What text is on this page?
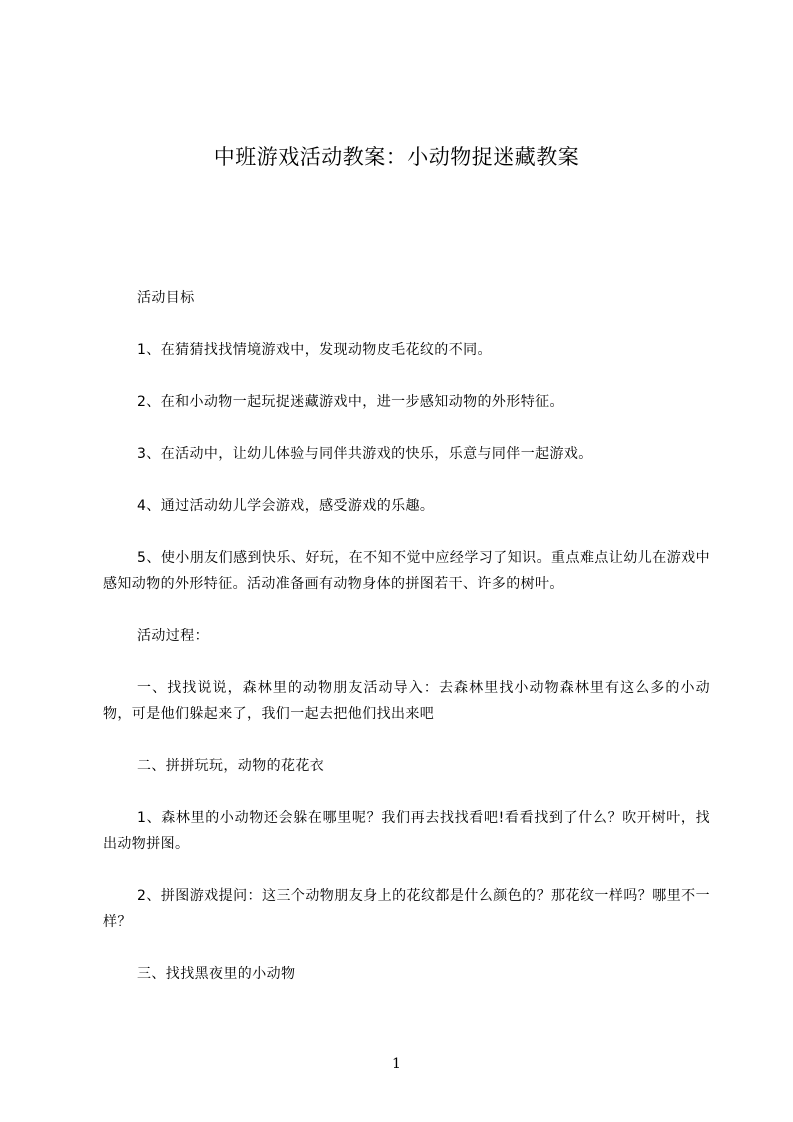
中班游戏活动教案：小动物捉迷藏教案

活动目标

1、在猜猜找找情境游戏中，发现动物皮毛花纹的不同。

2、在和小动物一起玩捉迷藏游戏中，进一步感知动物的外形特征。

3、在活动中，让幼儿体验与同伴共游戏的快乐，乐意与同伴一起游戏。

4、通过活动幼儿学会游戏，感受游戏的乐趣。

5、使小朋友们感到快乐、好玩，在不知不觉中应经学习了知识。重点难点让幼儿在游戏中感知动物的外形特征。活动准备画有动物身体的拼图若干、许多的树叶。

活动过程：

一、找找说说，森林里的动物朋友活动导入：去森林里找小动物森林里有这么多的小动物，可是他们躲起来了，我们一起去把他们找出来吧

二、拼拼玩玩，动物的花花衣

1、森林里的小动物还会躲在哪里呢？我们再去找找看吧!看看找到了什么？吹开树叶，找出动物拼图。

2、拼图游戏提问：这三个动物朋友身上的花纹都是什么颜色的？那花纹一样吗？哪里不一样？

三、找找黑夜里的小动物

1
